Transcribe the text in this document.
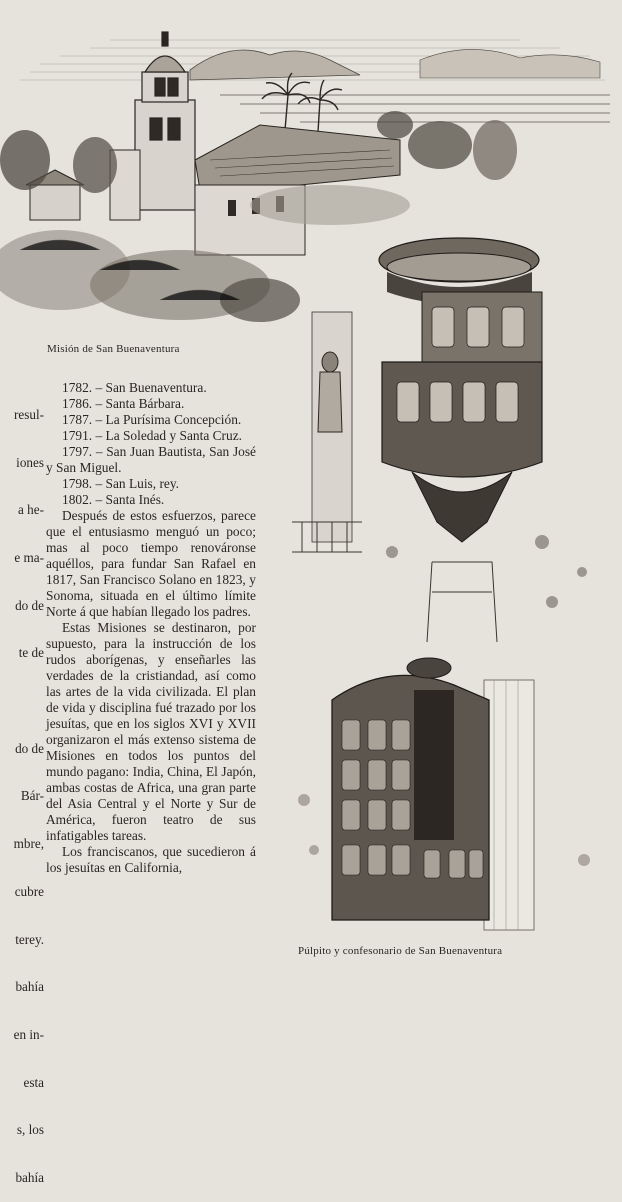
Misión de San Buenaventura
Púlpito y confesonario de San Buenaventura

resul-

iones

a he-

e ma-

do de

te de

do de

Bár-

mbre,

cubre

terey.

bahía

en in-

esta

s, los

bahía

1782. – San Buenaventura.
1786. – Santa Bárbara.
1787. – La Purísima Concepción.
1791. – La Soledad y Santa Cruz.
1797. – San Juan Bautista, San José y San Miguel.
1798. – San Luis, rey.
1802. – Santa Inés.

Después de estos esfuerzos, parece que el entusiasmo menguó un poco; mas al poco tiempo renováronse aquéllos, para fundar San Rafael en 1817, San Francisco Solano en 1823, y Sonoma, situada en el último límite Norte á que habían llegado los padres.

Estas Misiones se destinaron, por supuesto, para la instrucción de los rudos aborígenas, y enseñarles las verdades de la cristiandad, así como las artes de la vida civilizada. El plan de vida y disciplina fué trazado por los jesuítas, que en los siglos XVI y XVII organizaron el más extenso sistema de Misiones en todos los puntos del mundo pagano: India, China, El Japón, ambas costas de Africa, una gran parte del Asia Central y el Norte y Sur de América, fueron teatro de sus infatigables tareas.

Los franciscanos, que sucedieron á los jesuítas en California,
